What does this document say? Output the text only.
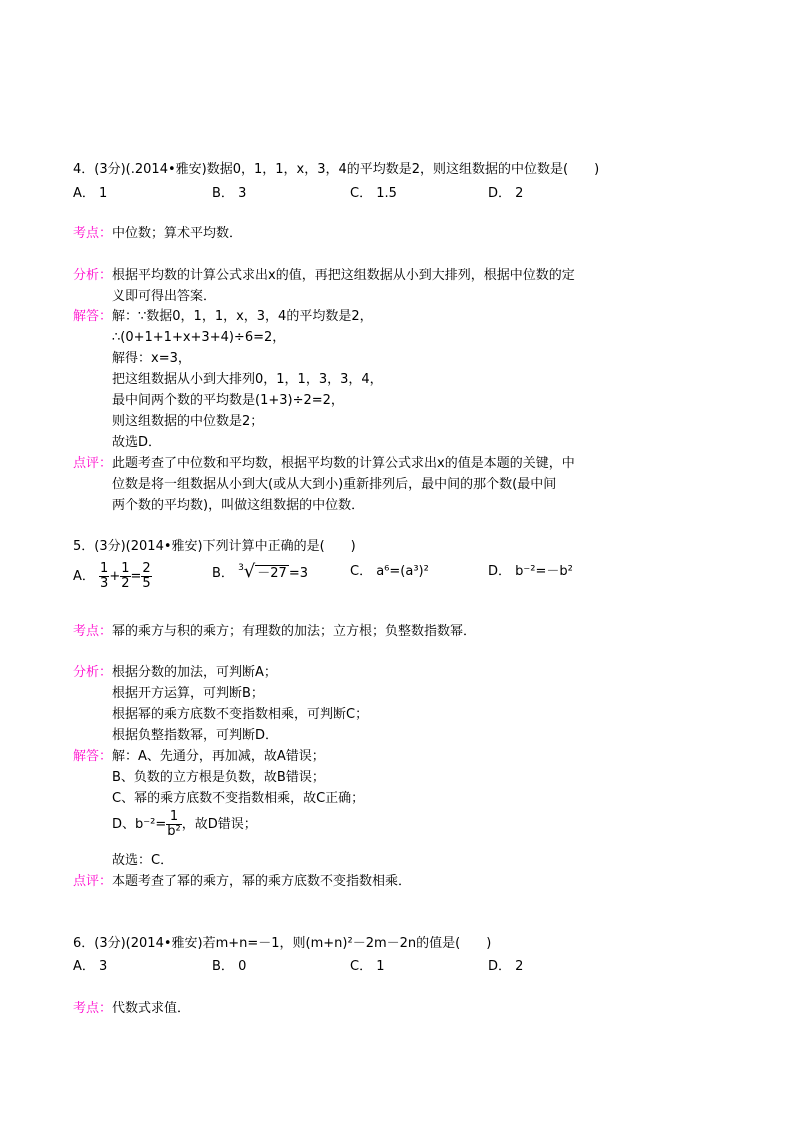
4．(3分)(.2014•雅安)数据0，1，1，x，3，4的平均数是2，则这组数据的中位数是(　　)
A． 1	B． 3	C． 1.5	D． 2
考点： 中位数；算术平均数．
分析： 根据平均数的计算公式求出x的值，再把这组数据从小到大排列，根据中位数的定
义即可得出答案．
解答： 解：∵数据0，1，1，x，3，4的平均数是2，
∴(0+1+1+x+3+4)÷6=2，
解得：x=3，
把这组数据从小到大排列0，1，1，3，3，4，
最中间两个数的平均数是(1+3)÷2=2，
则这组数据的中位数是2；
故选D．
点评： 此题考查了中位数和平均数，根据平均数的计算公式求出x的值是本题的关键，中
位数是将一组数据从小到大(或从大到小)重新排列后，最中间的那个数(最中间
两个数的平均数)，叫做这组数据的中位数．
5．(3分)(2014•雅安)下列计算中正确的是(　　)
A． $\frac{1}{3} + \frac{1}{2} = \frac{2}{5}$	B． $^3$√ －27 =3	C． a⁶=(a³)²	D． b⁻²=－b²
考点： 幂的乘方与积的乘方；有理数的加法；立方根；负整数指数幂．
分析： 根据分数的加法，可判断A；
根据开方运算，可判断B；
根据幂的乘方底数不变指数相乘，可判断C；
根据负整指数幂，可判断D．
解答： 解：A、先通分，再加减，故A错误；
B、负数的立方根是负数，故B错误；
C、幂的乘方底数不变指数相乘，故C正确；
D、$b^{-2}= \frac{1}{\text{b²}}$ ，故D错误；
故选：C．
点评： 本题考查了幂的乘方，幂的乘方底数不变指数相乘．
6．(3分)(2014•雅安)若m+n=－1，则(m+n)²－2m－2n的值是(　　)
A． 3	B． 0	C． 1	D． 2
考点： 代数式求值．
